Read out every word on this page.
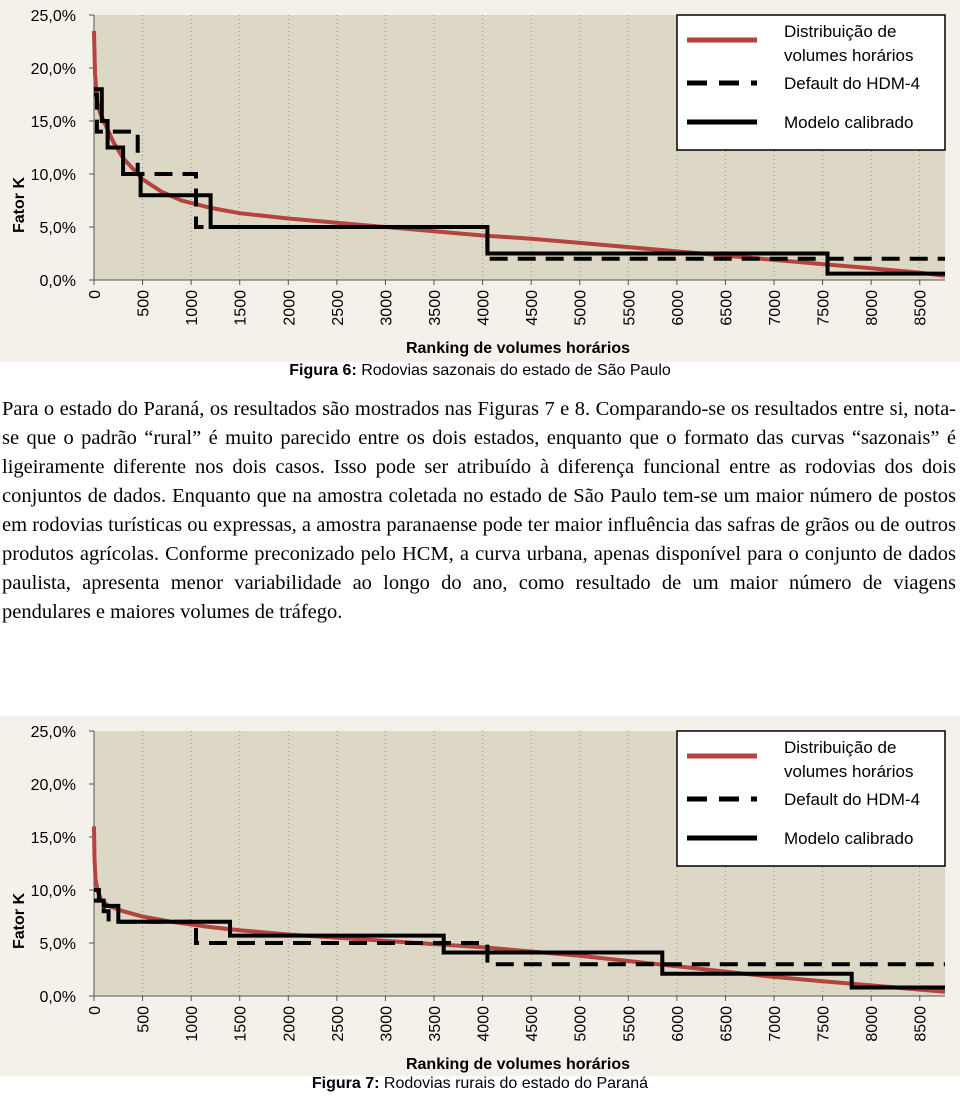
0,0%
5,0%
10,0%
15,0%
20,0%
25,0%
0 500 1000 1500 2000 2500 3000 3500 4000 4500 5000 5500 6000 6500 7000 7500 8000 8500
Fator K
Ranking de volumes horários
Distribuição de
volumes horários
Default do HDM-4
Modelo calibrado
Figura 6: Rodovias sazonais do estado de São Paulo

Para o estado do Paraná, os resultados são mostrados nas Figuras 7 e 8. Comparando-se os resultados entre si, nota-se que o padrão “rural” é muito parecido entre os dois estados, enquanto que o formato das curvas “sazonais” é ligeiramente diferente nos dois casos. Isso pode ser atribuído à diferença funcional entre as rodovias dos dois conjuntos de dados. Enquanto que na amostra coletada no estado de São Paulo tem-se um maior número de postos em rodovias turísticas ou expressas, a amostra paranaense pode ter maior influência das safras de grãos ou de outros produtos agrícolas. Conforme preconizado pelo HCM, a curva urbana, apenas disponível para o conjunto de dados paulista, apresenta menor variabilidade ao longo do ano, como resultado de um maior número de viagens pendulares e maiores volumes de tráfego.

0,0%
5,0%
10,0%
15,0%
20,0%
25,0%
0 500 1000 1500 2000 2500 3000 3500 4000 4500 5000 5500 6000 6500 7000 7500 8000 8500
Fator K
Ranking de volumes horários
Distribuição de
volumes horários
Default do HDM-4
Modelo calibrado
Figura 7: Rodovias rurais do estado do Paraná
